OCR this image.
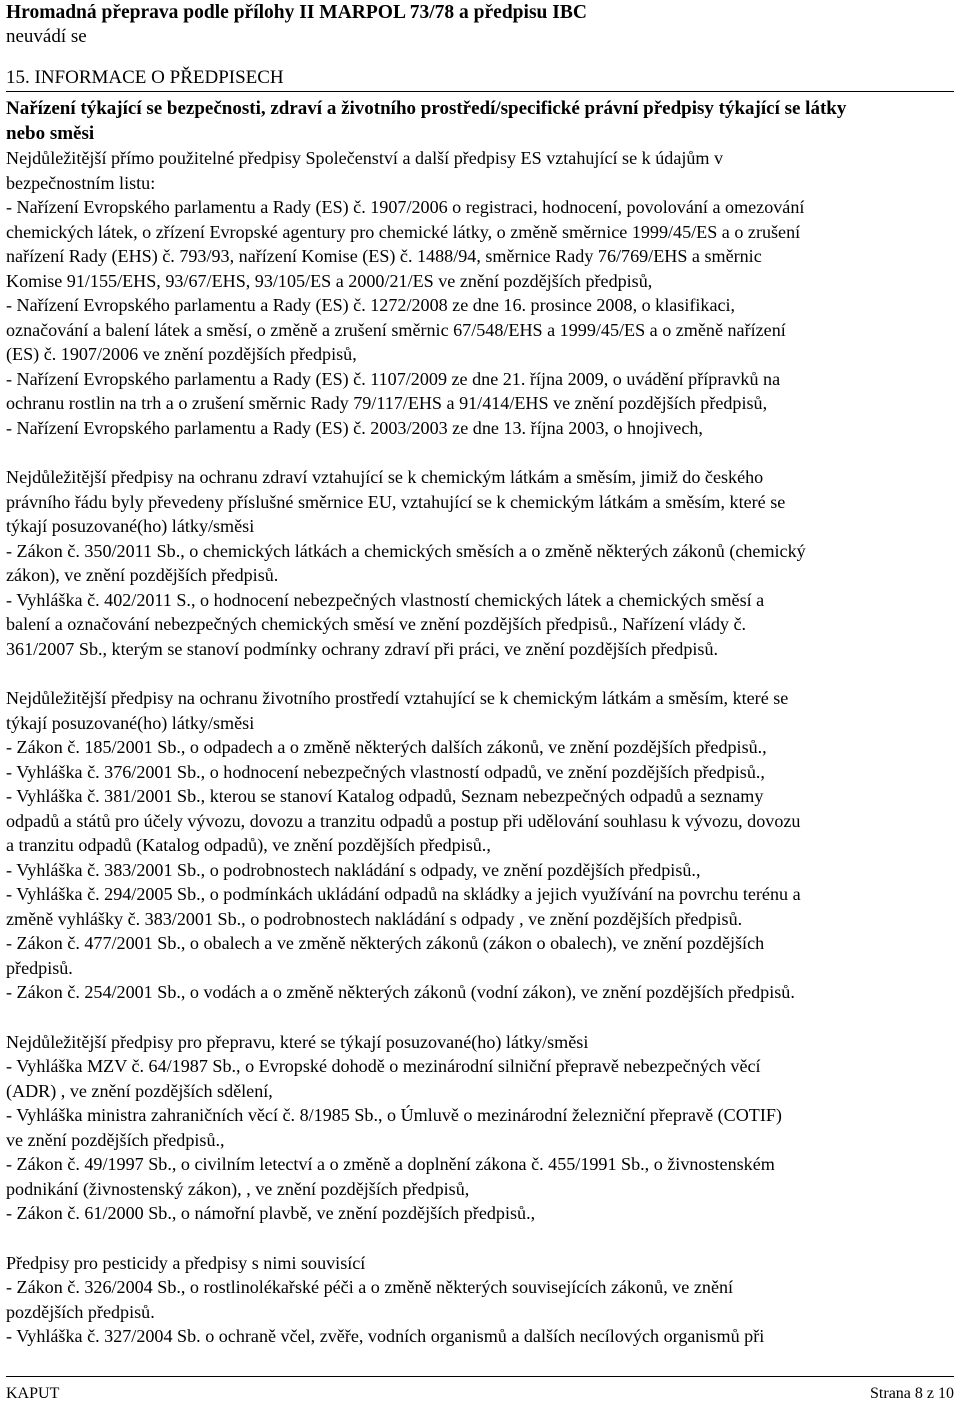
Hromadná přeprava podle přílohy II MARPOL 73/78 a předpisu IBC
neuvádí se
15. INFORMACE O PŘEDPISECH
Nařízení týkající se bezpečnosti, zdraví a životního prostředí/specifické právní předpisy týkající se látky
nebo směsi
Nejdůležitější přímo použitelné předpisy Společenství a další předpisy ES vztahující se k údajům v
bezpečnostním listu:
- Nařízení Evropského parlamentu a Rady (ES) č. 1907/2006 o registraci, hodnocení, povolování a omezování
chemických látek, o zřízení Evropské agentury pro chemické látky, o změně směrnice 1999/45/ES a o zrušení
nařízení Rady (EHS) č. 793/93, nařízení Komise (ES) č. 1488/94, směrnice Rady 76/769/EHS a směrnic
Komise 91/155/EHS, 93/67/EHS, 93/105/ES a 2000/21/ES ve znění pozdějších předpisů,
- Nařízení Evropského parlamentu a Rady (ES) č. 1272/2008 ze dne 16. prosince 2008, o klasifikaci,
označování a balení látek a směsí, o změně a zrušení směrnic 67/548/EHS a 1999/45/ES a o změně nařízení
(ES) č. 1907/2006 ve znění pozdějších předpisů,
- Nařízení Evropského parlamentu a Rady (ES) č. 1107/2009 ze dne 21. října 2009, o uvádění přípravků na
ochranu rostlin na trh a o zrušení směrnic Rady 79/117/EHS a 91/414/EHS ve znění pozdějších předpisů,
- Nařízení Evropského parlamentu a Rady (ES) č. 2003/2003 ze dne 13. října 2003, o hnojivech,
Nejdůležitější předpisy na ochranu zdraví vztahující se k chemickým látkám a směsím, jimiž do českého
právního řádu byly převedeny příslušné směrnice EU, vztahující se k chemickým látkám a směsím, které se
týkají posuzované(ho) látky/směsi
- Zákon č. 350/2011 Sb., o chemických látkách a chemických směsích a o změně některých zákonů (chemický
zákon), ve znění pozdějších předpisů.
- Vyhláška č. 402/2011 S., o hodnocení nebezpečných vlastností chemických látek a chemických směsí a
balení a označování nebezpečných chemických směsí ve znění pozdějších předpisů., Nařízení vlády č.
361/2007 Sb., kterým se stanoví podmínky ochrany zdraví při práci, ve znění pozdějších předpisů.
Nejdůležitější předpisy na ochranu životního prostředí vztahující se k chemickým látkám a směsím, které se
týkají posuzované(ho) látky/směsi
- Zákon č. 185/2001 Sb., o odpadech a o změně některých dalších zákonů, ve znění pozdějších předpisů.,
- Vyhláška č. 376/2001 Sb., o hodnocení nebezpečných vlastností odpadů, ve znění pozdějších předpisů.,
- Vyhláška č. 381/2001 Sb., kterou se stanoví Katalog odpadů, Seznam nebezpečných odpadů a seznamy
odpadů a států pro účely vývozu, dovozu a tranzitu odpadů a postup při udělování souhlasu k vývozu, dovozu
a tranzitu odpadů (Katalog odpadů), ve znění pozdějších předpisů.,
- Vyhláška č. 383/2001 Sb., o podrobnostech nakládání s odpady, ve znění pozdějších předpisů.,
- Vyhláška č. 294/2005 Sb., o podmínkách ukládání odpadů na skládky a jejich využívání na povrchu terénu a
změně vyhlášky č. 383/2001 Sb., o podrobnostech nakládání s odpady , ve znění pozdějších předpisů.
- Zákon č. 477/2001 Sb., o obalech a ve změně některých zákonů (zákon o obalech), ve znění pozdějších
předpisů.
- Zákon č. 254/2001 Sb., o vodách a o změně některých zákonů (vodní zákon), ve znění pozdějších předpisů.
Nejdůležitější předpisy pro přepravu, které se týkají posuzované(ho) látky/směsi
- Vyhláška MZV č. 64/1987 Sb., o Evropské dohodě o mezinárodní silniční přepravě nebezpečných věcí
(ADR) , ve znění pozdějších sdělení,
- Vyhláška ministra zahraničních věcí č. 8/1985 Sb., o Úmluvě o mezinárodní železniční přepravě (COTIF)
ve znění pozdějších předpisů.,
- Zákon č. 49/1997 Sb., o civilním letectví a o změně a doplnění zákona č. 455/1991 Sb., o živnostenském
podnikání (živnostenský zákon), , ve znění pozdějších předpisů,
- Zákon č. 61/2000 Sb., o námořní plavbě, ve znění pozdějších předpisů.,
Předpisy pro pesticidy a předpisy s nimi souvisící
- Zákon č. 326/2004 Sb., o rostlinolékařské péči a o změně některých souvisejících zákonů, ve znění
pozdějších předpisů.
- Vyhláška č. 327/2004 Sb. o ochraně včel, zvěře, vodních organismů a dalších necílových organismů při
KAPUT	Strana 8 z 10
